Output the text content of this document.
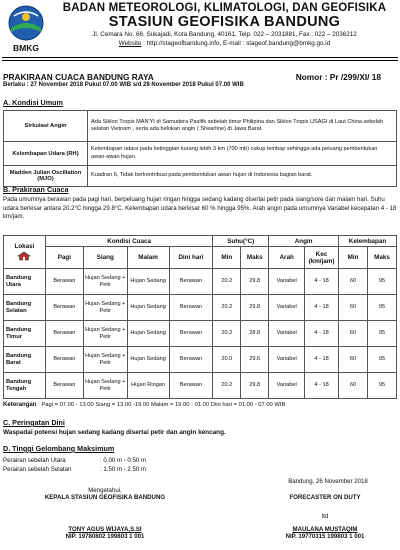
BMKG
BADAN METEOROLOGI, KLIMATOLOGI, DAN GEOFISIKA
STASIUN GEOFISIKA BANDUNG
Jl. Cemara No. 66, Sukajadi, Kota Bandung, 40161, Telp. 022 – 2031881, Fax : 022 – 2036212
Website : http://stageofbandung.info, E-mail : stageof.bandung@bmkg.go.id
PRAKIRAAN CUACA BANDUNG RAYA	Nomor : Pr /299/XI/ 18
Berlaku : 27 November 2018 Pukul 07.00 WIB s/d 28 November 2018 Pukul 07.00 WIB
A. Kondisi Umum
Sirkulasi Angin	Ada Siklon Tropis MAN'YI di Samudera Pasifik sebelah timur Philipina dan Siklon Tropis USAGI di Laut China sebelah selatan Vietnam , serta ada belokan angin ( Shearline) di Jawa Barat.
Kelembapan Udara (RH)	Kelembapan udara pada ketinggian kurang lebih 3 km (700 mb) cukup lembap sehingga ada peluang pembentukan awan-awan hujan.
Madden Julian Oscillation (MJO)	Kuadran 6, Tidak berkontribusi pada pembentukan awan hujan di Indonesia bagian barat.
B. Prakiraan Cuaca
Pada umumnya berawan pada pagi hari, berpeluang hujan ringan hingga sedang kadang disertai petir pada siang/sore dan malam hari. Suhu udara berkisar antara 20.2°C hingga 29.8°C. Kelembapan udara berkisar 60 % hingga 95%. Arah angin pada umumnya Variabel kecepatan 4 - 18 km/jam.
Lokasi	Kondisi Cuaca				Suhu(°C)		Angin		Kelembapan	
	Pagi	Siang	Malam	Dini hari	Min	Maks	Arah	Kec (km/jam)	Min	Maks
Bandung Utara	Berawan	Hujan Sedang + Petir	Hujan Sedang	Berawan	20.2	29.8	Variabel	4 - 18	60	95
Bandung Selatan	Berawan	Hujan Sedang + Petir	Hujan Sedang	Berawan	20.2	29.8	Variabel	4 - 18	60	95
Bandung Timur	Berawan	Hujan Sedang + Petir	Hujan Sedang	Berawan	20.2	28.8	Variabel	4 - 18	60	95
Bandung Barat	Berawan	Hujan Sedang + Petir	Hujan Sedang	Berawan	20.0	29.6	Variabel	4 - 18	60	95
Bandung Tengah	Berawan	Hujan Sedang + Petir	Hujan Ringan	Berawan	20.2	29.8	Variabel	4 - 18	60	95
Keterangan : Pagi = 07.00 - 13.00 Siang = 13.00 -19.00 Malam = 19.00 - 01.00 Dini hari = 01.00 - 07.00 WIB
C. Peringatan Dini
Waspadai potensi hujan sedang kadang disertai petir dan angin kencang.
D. Tinggi Gelombang Maksimum
Perairan sebelah Utara	: 0.00 m - 0.50 m
Perairan sebelah Selatan	: 1.50 m - 2.50 m
Bandung, 26 November 2018
Mengetahui,
KEPALA STASIUN GEOFISIKA BANDUNG
TONY AGUS WIJAYA,S.SI
NIP. 19780802 199803 1 001
FORECASTER ON DUTY
ttd
MAULANA MUSTAQIM
NIP. 19770315 199803 1 001
